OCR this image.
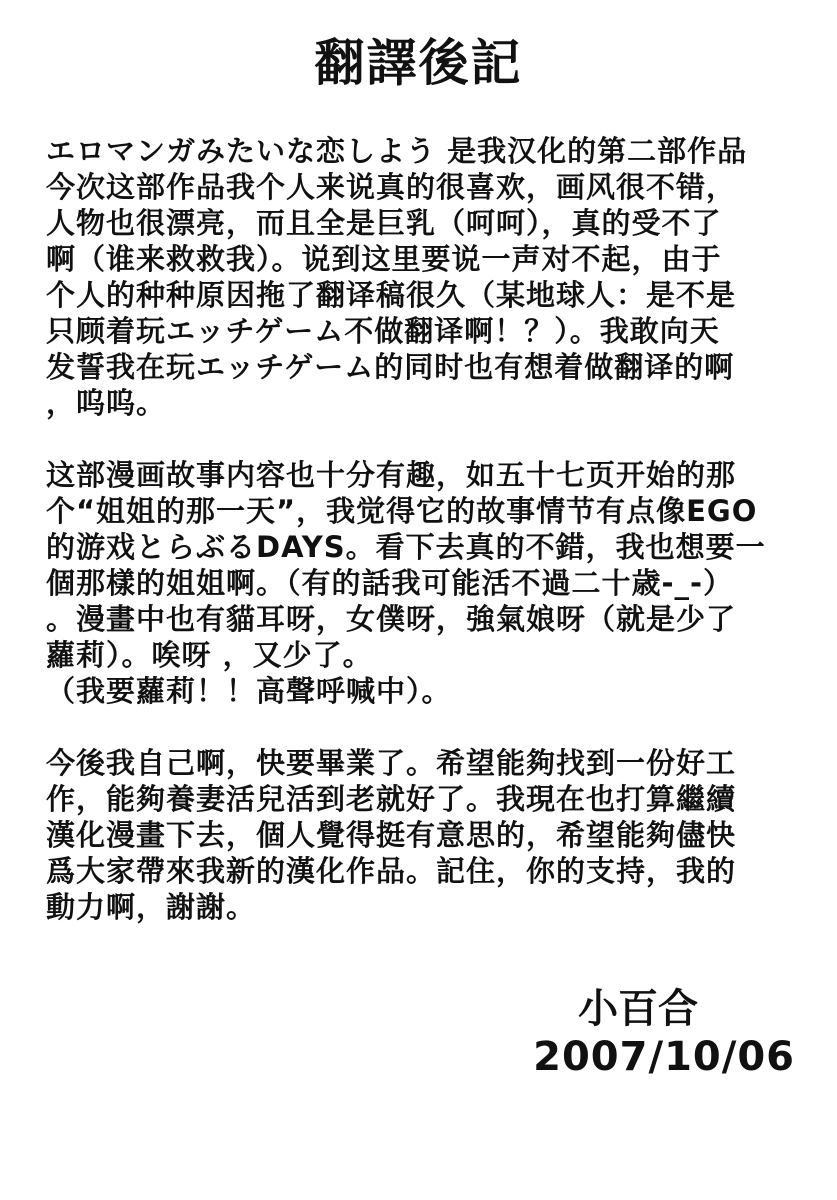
翻譯後記
エロマンガみたいな恋しよう 是我汉化的第二部作品
今次这部作品我个人来说真的很喜欢，画风很不错，
人物也很漂亮，而且全是巨乳（呵呵），真的受不了
啊（谁来救救我）。说到这里要说一声对不起，由于
个人的种种原因拖了翻译稿很久（某地球人：是不是
只顾着玩エッチゲーム不做翻译啊！？）。我敢向天
发誓我在玩エッチゲーム的同时也有想着做翻译的啊
，呜呜。
这部漫画故事内容也十分有趣，如五十七页开始的那
个“姐姐的那一天”，我觉得它的故事情节有点像EGO
的游戏とらぶるDAYS。看下去真的不錯，我也想要一
個那樣的姐姐啊。（有的話我可能活不過二十歳-_-）
。漫畫中也有貓耳呀，女僕呀，強氣娘呀（就是少了
蘿莉）。唉呀 ，又少了。
（我要蘿莉！！高聲呼喊中）。
今後我自己啊，快要畢業了。希望能夠找到一份好工
作，能夠養妻活兒活到老就好了。我現在也打算繼續
漢化漫畫下去，個人覺得挺有意思的，希望能夠儘快
爲大家帶來我新的漢化作品。記住，你的支持，我的
動力啊，謝謝。
小百合
2007/10/06
